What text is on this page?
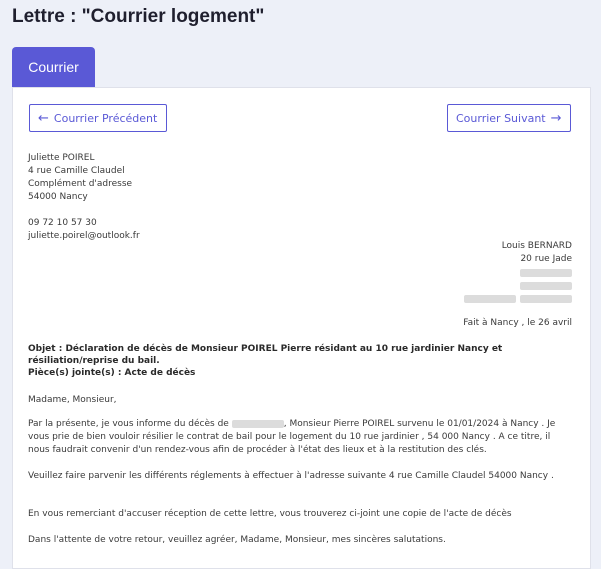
Lettre : "Courrier logement"
Courrier
← Courrier Précédent	Courrier Suivant →
Juliette POIREL
4 rue Camille Claudel
Complément d'adresse
54000 Nancy
09 72 10 57 30
juliette.poirel@outlook.fr
Louis BERNARD
20 rue Jade
Fait à Nancy , le 26 avril
Objet : Déclaration de décès de Monsieur POIREL Pierre résidant au 10 rue jardinier Nancy et résiliation/reprise du bail.
Pièce(s) jointe(s) : Acte de décès
Madame, Monsieur,
Par la présente, je vous informe du décès de	, Monsieur Pierre POIREL survenu le 01/01/2024 à Nancy . Je vous prie de bien vouloir résilier le contrat de bail pour le logement du 10 rue jardinier , 54 000 Nancy . A ce titre, il nous faudrait convenir d'un rendez-vous afin de procéder à l'état des lieux et à la restitution des clés.
Veuillez faire parvenir les différents réglements à effectuer à l'adresse suivante 4 rue Camille Claudel 54000 Nancy .
En vous remerciant d'accuser réception de cette lettre, vous trouverez ci-joint une copie de l'acte de décès
Dans l'attente de votre retour, veuillez agréer, Madame, Monsieur, mes sincères salutations.
